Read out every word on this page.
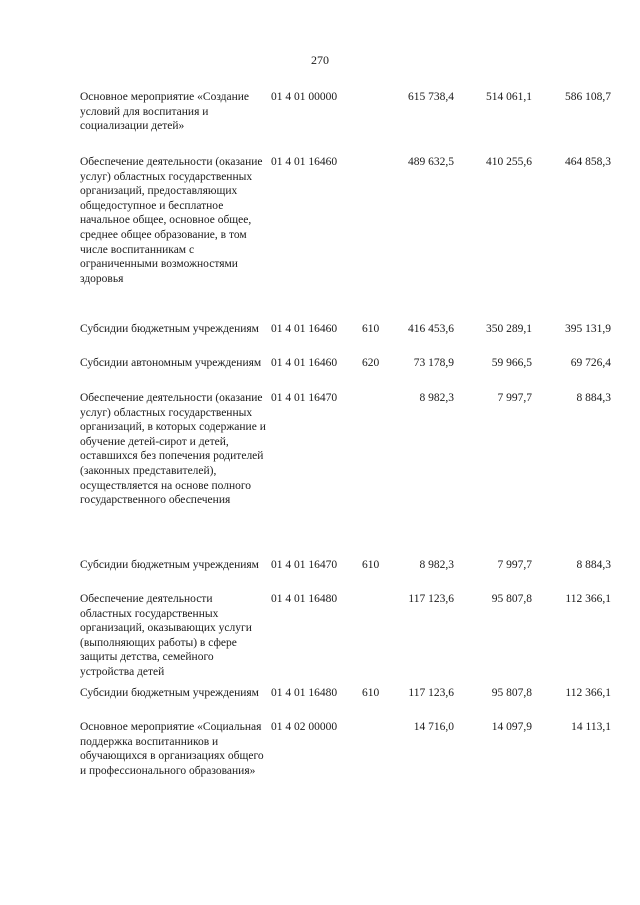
270
Основное мероприятие «Создание условий для воспитания и социализации детей»
01 4 01 00000	615 738,4	514 061,1	586 108,7
Обеспечение деятельности (оказание услуг) областных государственных организаций, предоставляющих общедоступное и бесплатное начальное общее, основное общее, среднее общее образование, в том числе воспитанникам с ограниченными возможностями здоровья
01 4 01 16460	489 632,5	410 255,6	464 858,3
Субсидии бюджетным учреждениям	01 4 01 16460 610	416 453,6	350 289,1	395 131,9
Субсидии автономным учреждениям 01 4 01 16460 620	73 178,9	59 966,5	69 726,4
Обеспечение деятельности (оказание услуг) областных государственных организаций, в которых содержание и обучение детей-сирот и детей, оставшихся без попечения родителей (законных представителей), осуществляется на основе полного государственного обеспечения
01 4 01 16470	8 982,3	7 997,7	8 884,3
Субсидии бюджетным учреждениям	01 4 01 16470 610	8 982,3	7 997,7	8 884,3
Обеспечение деятельности областных государственных организаций, оказывающих услуги (выполняющих работы) в сфере защиты детства, семейного устройства детей
01 4 01 16480	117 123,6	95 807,8	112 366,1
Субсидии бюджетным учреждениям	01 4 01 16480 610	117 123,6	95 807,8	112 366,1
Основное мероприятие «Социальная поддержка воспитанников и обучающихся в организациях общего и профессионального образования»
01 4 02 00000	14 716,0	14 097,9	14 113,1
